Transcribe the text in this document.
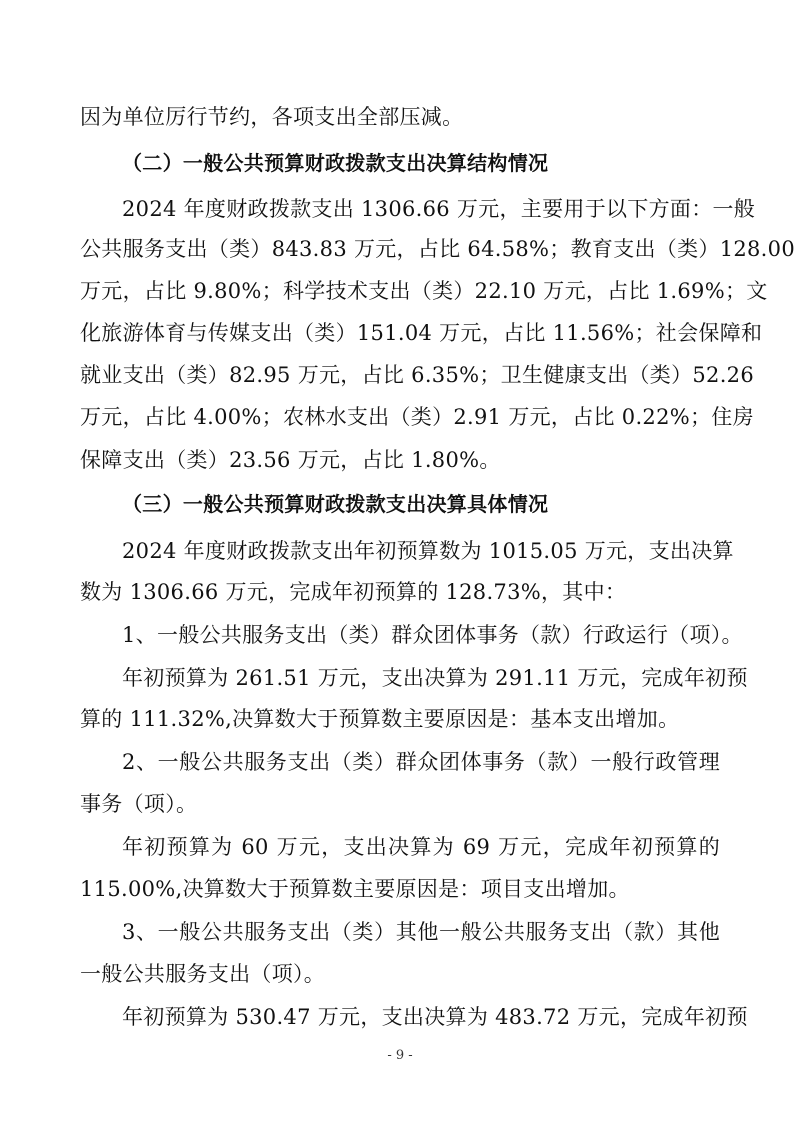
因为单位厉行节约，各项支出全部压减。
（二）一般公共预算财政拨款支出决算结构情况
2024 年度财政拨款支出 1306.66 万元，主要用于以下方面：一般
公共服务支出（类）843.83 万元，占比 64.58%；教育支出（类）128.00
万元，占比 9.80%；科学技术支出（类）22.10 万元，占比 1.69%；文
化旅游体育与传媒支出（类）151.04 万元，占比 11.56%；社会保障和
就业支出（类）82.95 万元，占比 6.35%；卫生健康支出（类）52.26
万元，占比 4.00%；农林水支出（类）2.91 万元，占比 0.22%；住房
保障支出（类）23.56 万元，占比 1.80%。
（三）一般公共预算财政拨款支出决算具体情况
2024 年度财政拨款支出年初预算数为 1015.05 万元，支出决算
数为 1306.66 万元，完成年初预算的 128.73%，其中：
1、一般公共服务支出（类）群众团体事务（款）行政运行（项）。
年初预算为 261.51 万元，支出决算为 291.11 万元，完成年初预
算的 111.32%,决算数大于预算数主要原因是：基本支出增加。
2、一般公共服务支出（类）群众团体事务（款）一般行政管理
事务（项）。
年初预算为 60 万元，支出决算为 69 万元，完成年初预算的
115.00%,决算数大于预算数主要原因是：项目支出增加。
3、一般公共服务支出（类）其他一般公共服务支出（款）其他
一般公共服务支出（项）。
年初预算为 530.47 万元，支出决算为 483.72 万元，完成年初预
- 9 -
